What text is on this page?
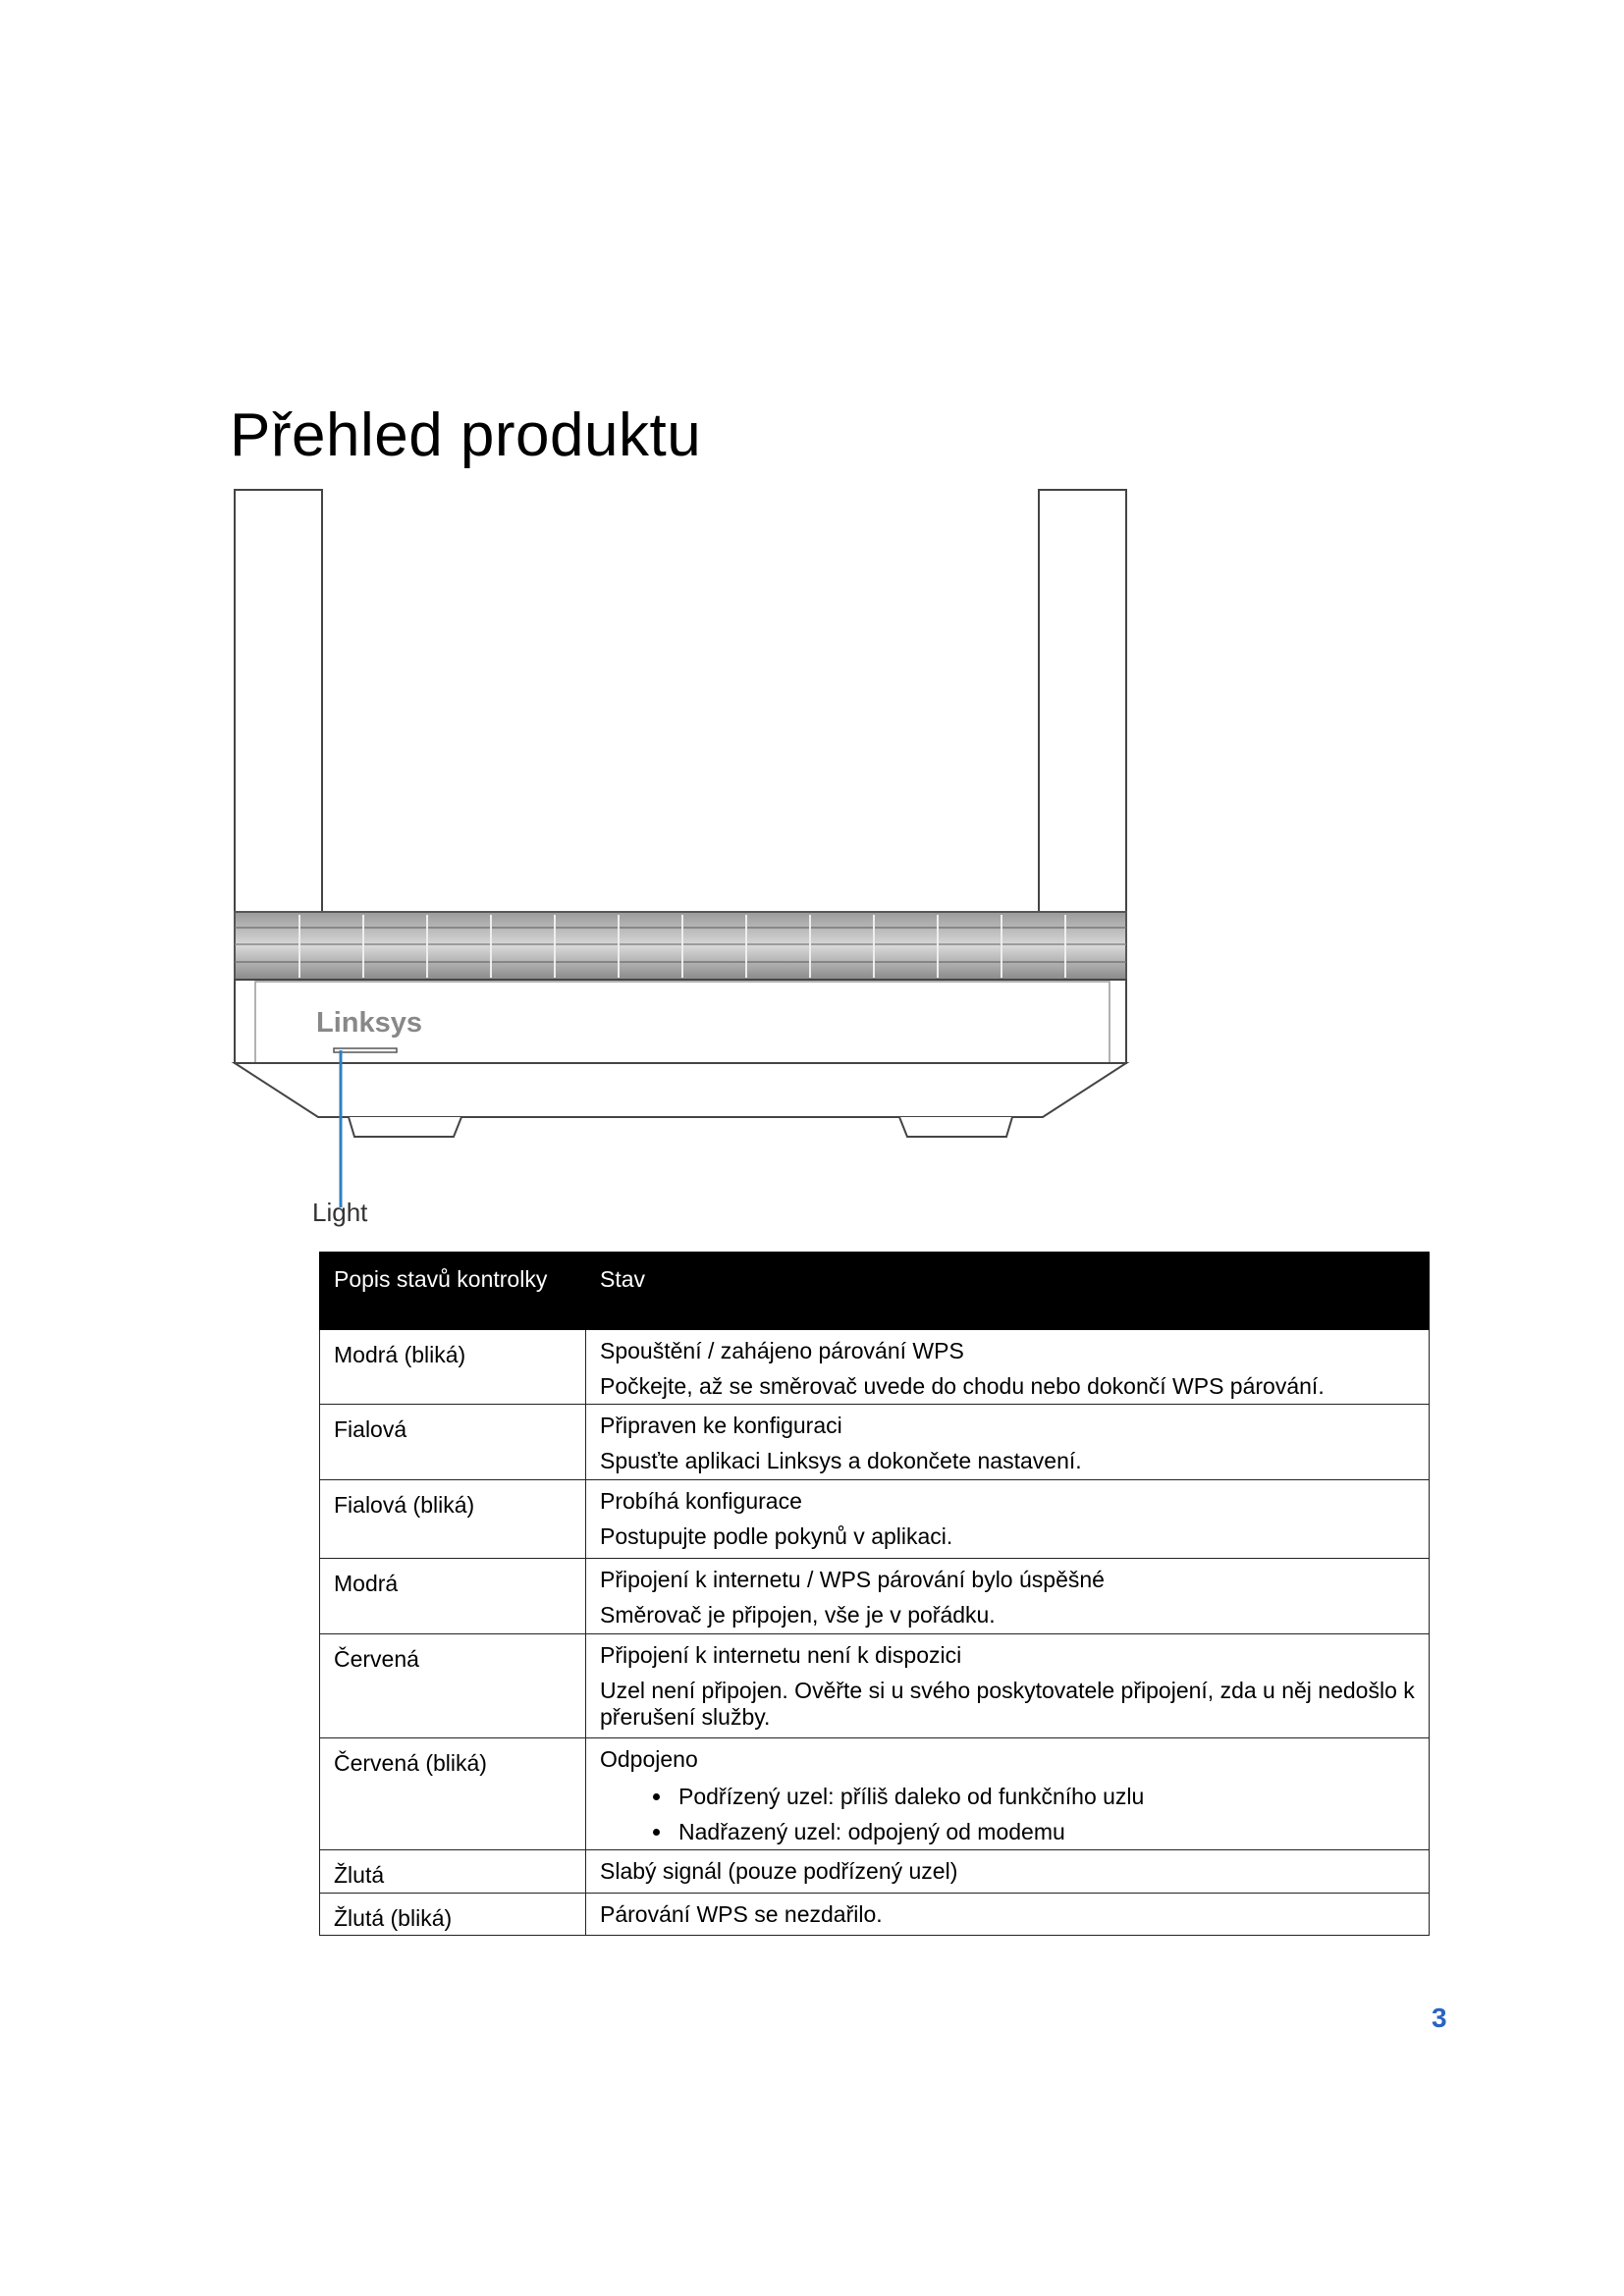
Přehled produktu
Linksys
Light
Popis stavů kontrolky	Stav
Modrá (bliká)	Spouštění / zahájeno párování WPS
Počkejte, až se směrovač uvede do chodu nebo dokončí WPS párování.

Fialová	Připraven ke konfiguraci
Spusťte aplikaci Linksys a dokončete nastavení.

Fialová (bliká)	Probíhá konfigurace
Postupujte podle pokynů v aplikaci.

Modrá	Připojení k internetu / WPS párování bylo úspěšné
Směrovač je připojen, vše je v pořádku.

Červená	Připojení k internetu není k dispozici
Uzel není připojen. Ověřte si u svého poskytovatele připojení, zda u něj nedošlo k přerušení služby.

Červená (bliká)	Odpojeno
Podřízený uzel: příliš daleko od funkčního uzlu
Nadřazený uzel: odpojený od modemu

Žlutá	Slabý signál (pouze podřízený uzel)

Žlutá (bliká)	Párování WPS se nezdařilo.
3
